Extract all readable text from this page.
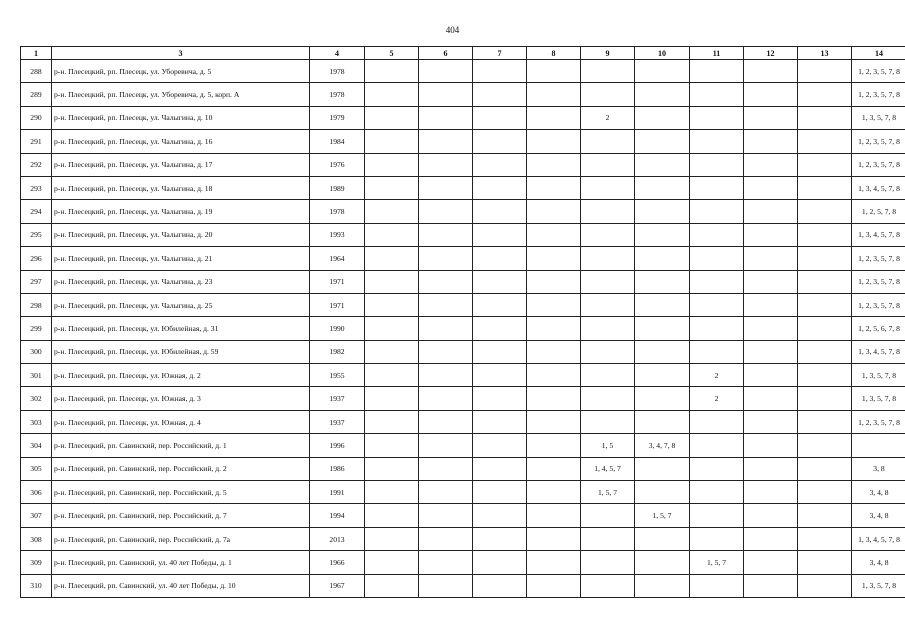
404
1	3	4	5	6	7	8	9	10	11	12	13	14
288	р-н. Плесецкий, рп. Плесецк, ул. Уборевича, д. 5	1978										1, 2, 3, 5, 7, 8
289	р-н. Плесецкий, рп. Плесецк, ул. Уборевича, д. 5, корп. А	1978										1, 2, 3, 5, 7, 8
290	р-н. Плесецкий, рп. Плесецк, ул. Чалыгина, д. 10	1979					2					1, 3, 5, 7, 8
291	р-н. Плесецкий, рп. Плесецк, ул. Чалыгина, д. 16	1984										1, 2, 3, 5, 7, 8
292	р-н. Плесецкий, рп. Плесецк, ул. Чалыгина, д. 17	1976										1, 2, 3, 5, 7, 8
293	р-н. Плесецкий, рп. Плесецк, ул. Чалыгина, д. 18	1989										1, 3, 4, 5, 7, 8
294	р-н. Плесецкий, рп. Плесецк, ул. Чалыгина, д. 19	1978										1, 2, 5, 7, 8
295	р-н. Плесецкий, рп. Плесецк, ул. Чалыгина, д. 20	1993										1, 3, 4, 5, 7, 8
296	р-н. Плесецкий, рп. Плесецк, ул. Чалыгина, д. 21	1964										1, 2, 3, 5, 7, 8
297	р-н. Плесецкий, рп. Плесецк, ул. Чалыгина, д. 23	1971										1, 2, 3, 5, 7, 8
298	р-н. Плесецкий, рп. Плесецк, ул. Чалыгина, д. 25	1971										1, 2, 3, 5, 7, 8
299	р-н. Плесецкий, рп. Плесецк, ул. Юбилейная, д. 31	1990										1, 2, 5, 6, 7, 8
300	р-н. Плесецкий, рп. Плесецк, ул. Юбилейная, д. 59	1982										1, 3, 4, 5, 7, 8
301	р-н. Плесецкий, рп. Плесецк, ул. Южная, д. 2	1955							2			1, 3, 5, 7, 8
302	р-н. Плесецкий, рп. Плесецк, ул. Южная, д. 3	1937							2			1, 3, 5, 7, 8
303	р-н. Плесецкий, рп. Плесецк, ул. Южная, д. 4	1937										1, 2, 3, 5, 7, 8
304	р-н. Плесецкий, рп. Савинский, пер. Российский, д. 1	1996					1, 5	3, 4, 7, 8				
305	р-н. Плесецкий, рп. Савинский, пер. Российский, д. 2	1986					1, 4, 5, 7					3, 8
306	р-н. Плесецкий, рп. Савинский, пер. Российский, д. 5	1991					1, 5, 7					3, 4, 8
307	р-н. Плесецкий, рп. Савинский, пер. Российский, д. 7	1994						1, 5, 7				3, 4, 8
308	р-н. Плесецкий, рп. Савинский, пер. Российский, д. 7а	2013										1, 3, 4, 5, 7, 8
309	р-н. Плесецкий, рп. Савинский, ул. 40 лет Победы, д. 1	1966							1, 5, 7			3, 4, 8
310	р-н. Плесецкий, рп. Савинский, ул. 40 лет Победы, д. 10	1967										1, 3, 5, 7, 8
